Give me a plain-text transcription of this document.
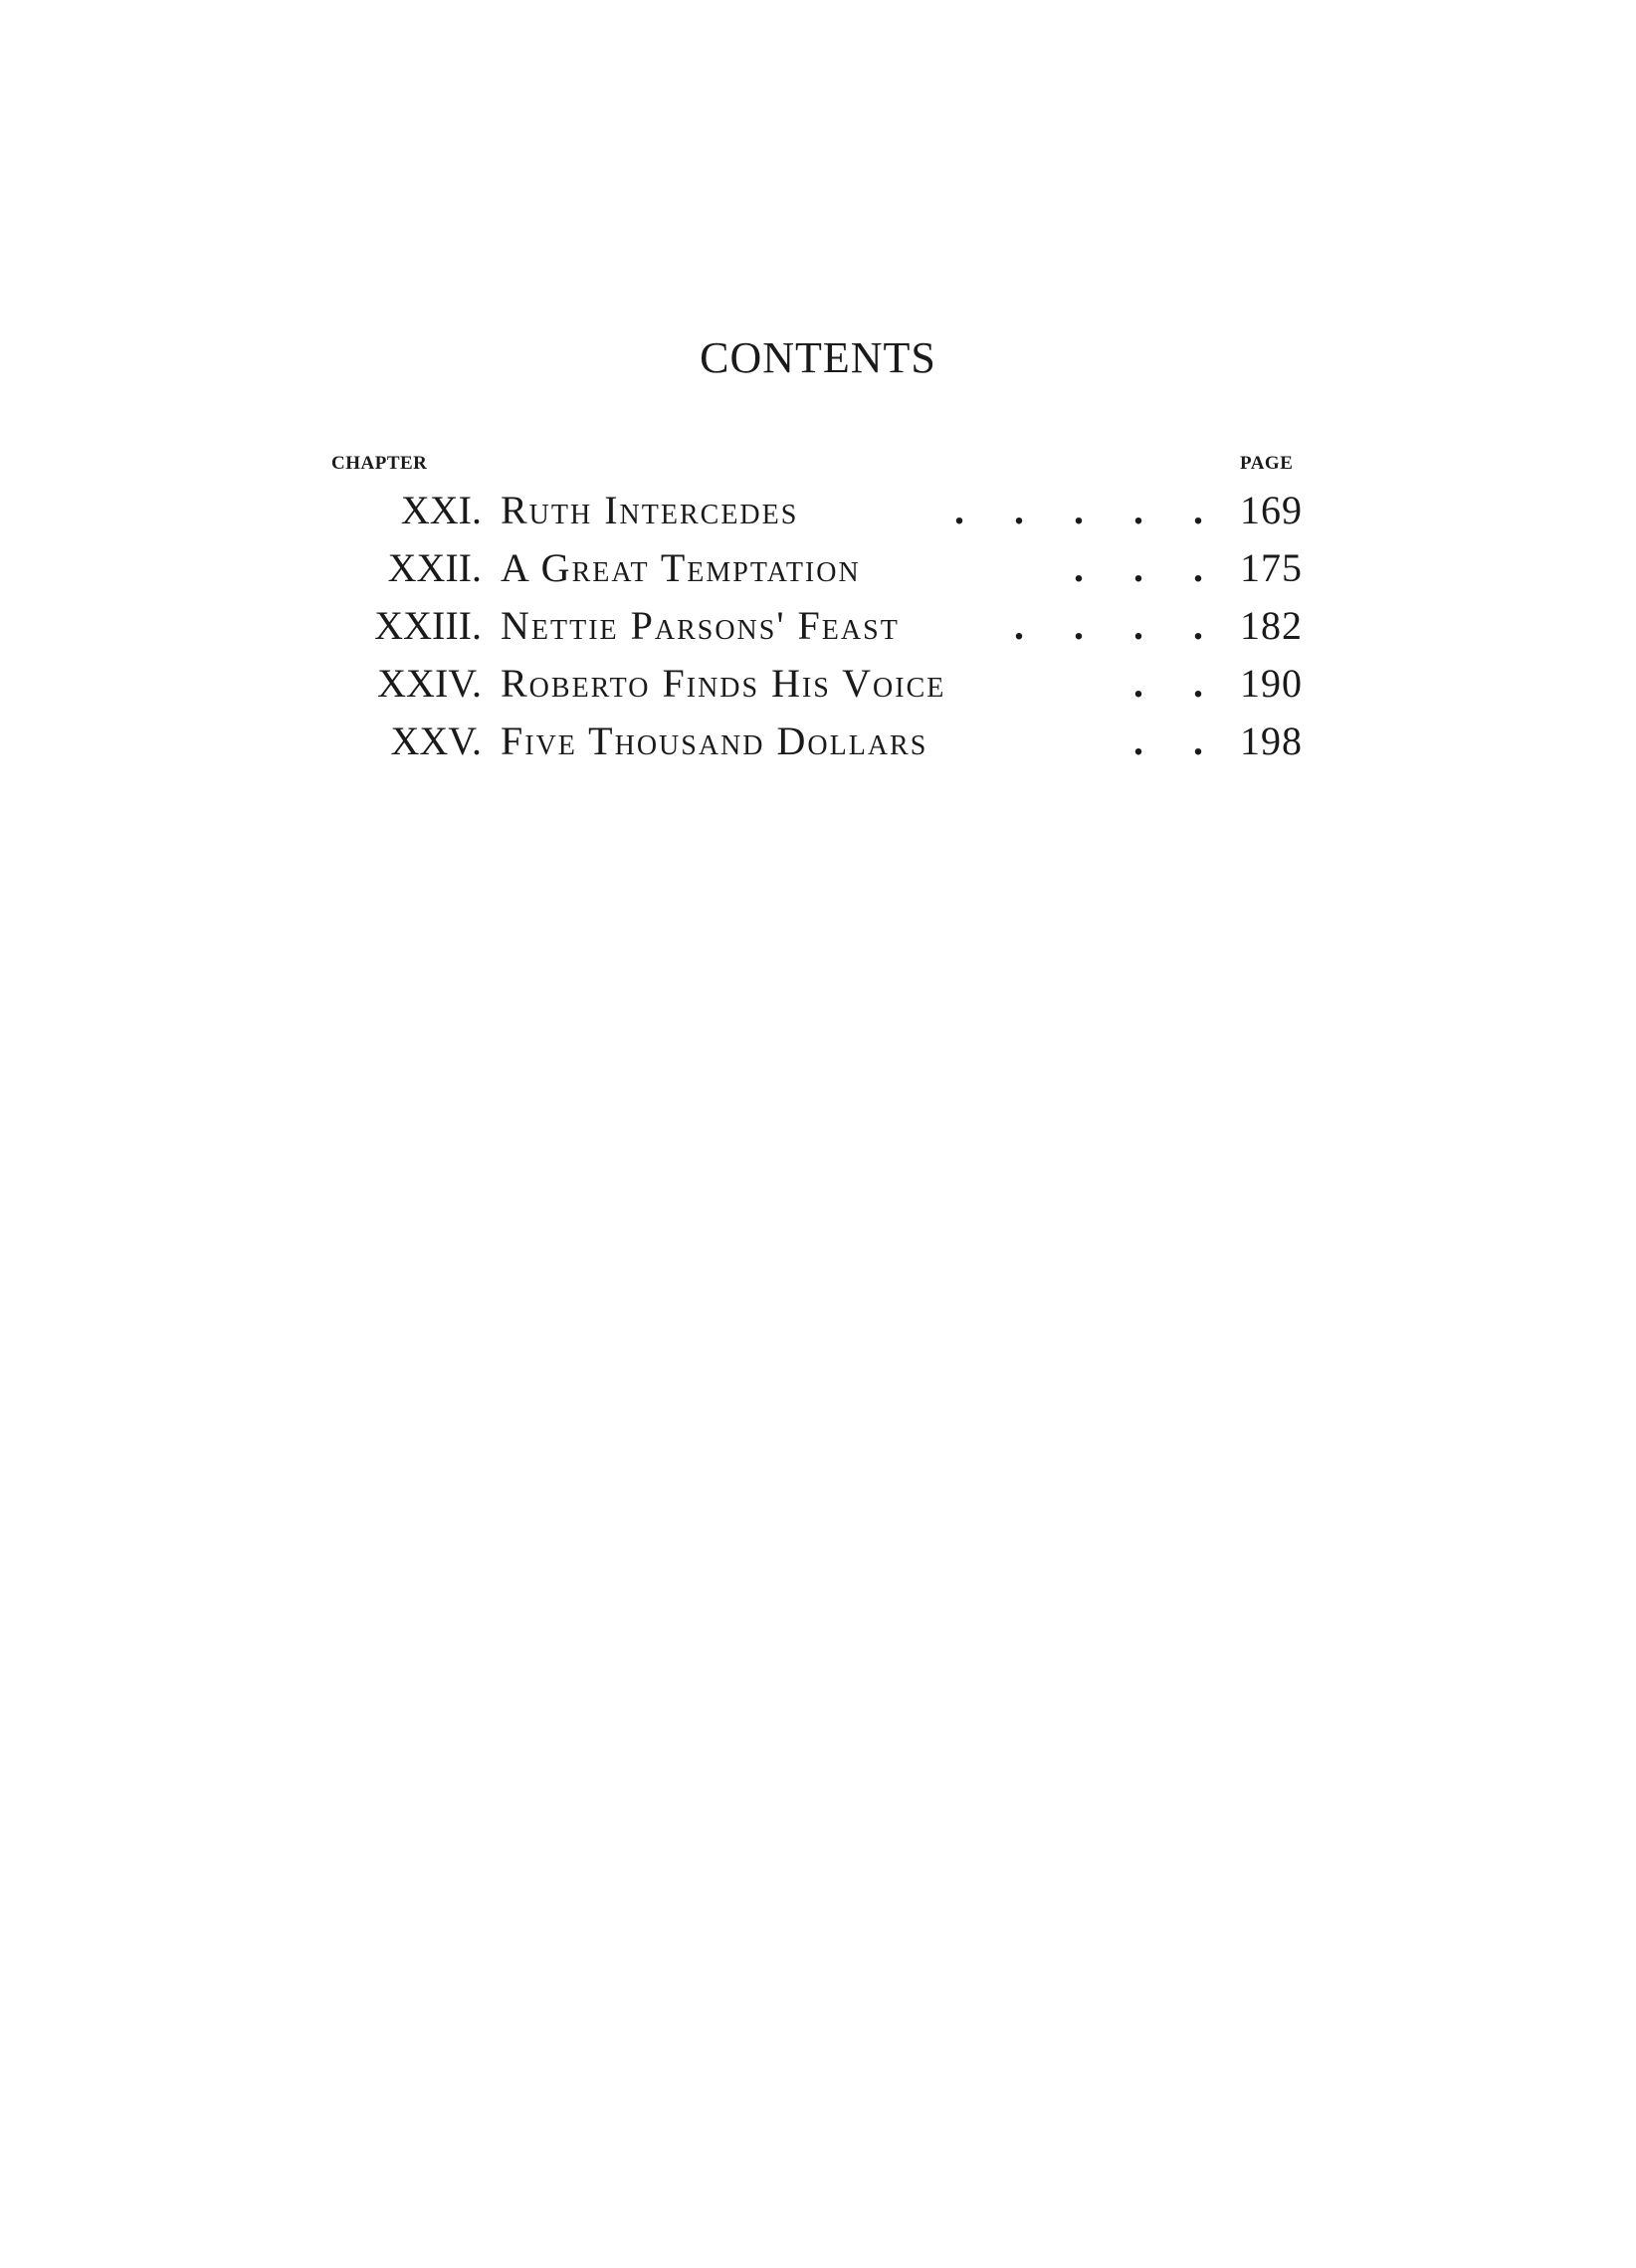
CONTENTS
CHAPTER	PAGE
XXI. Ruth Intercedes	. . . . . 169
XXII. A Great Temptation	. . . 175
XXIII. Nettie Parsons' Feast	. . . . 182
XXIV. Roberto Finds His Voice	. . 190
XXV. Five Thousand Dollars	. . 198
